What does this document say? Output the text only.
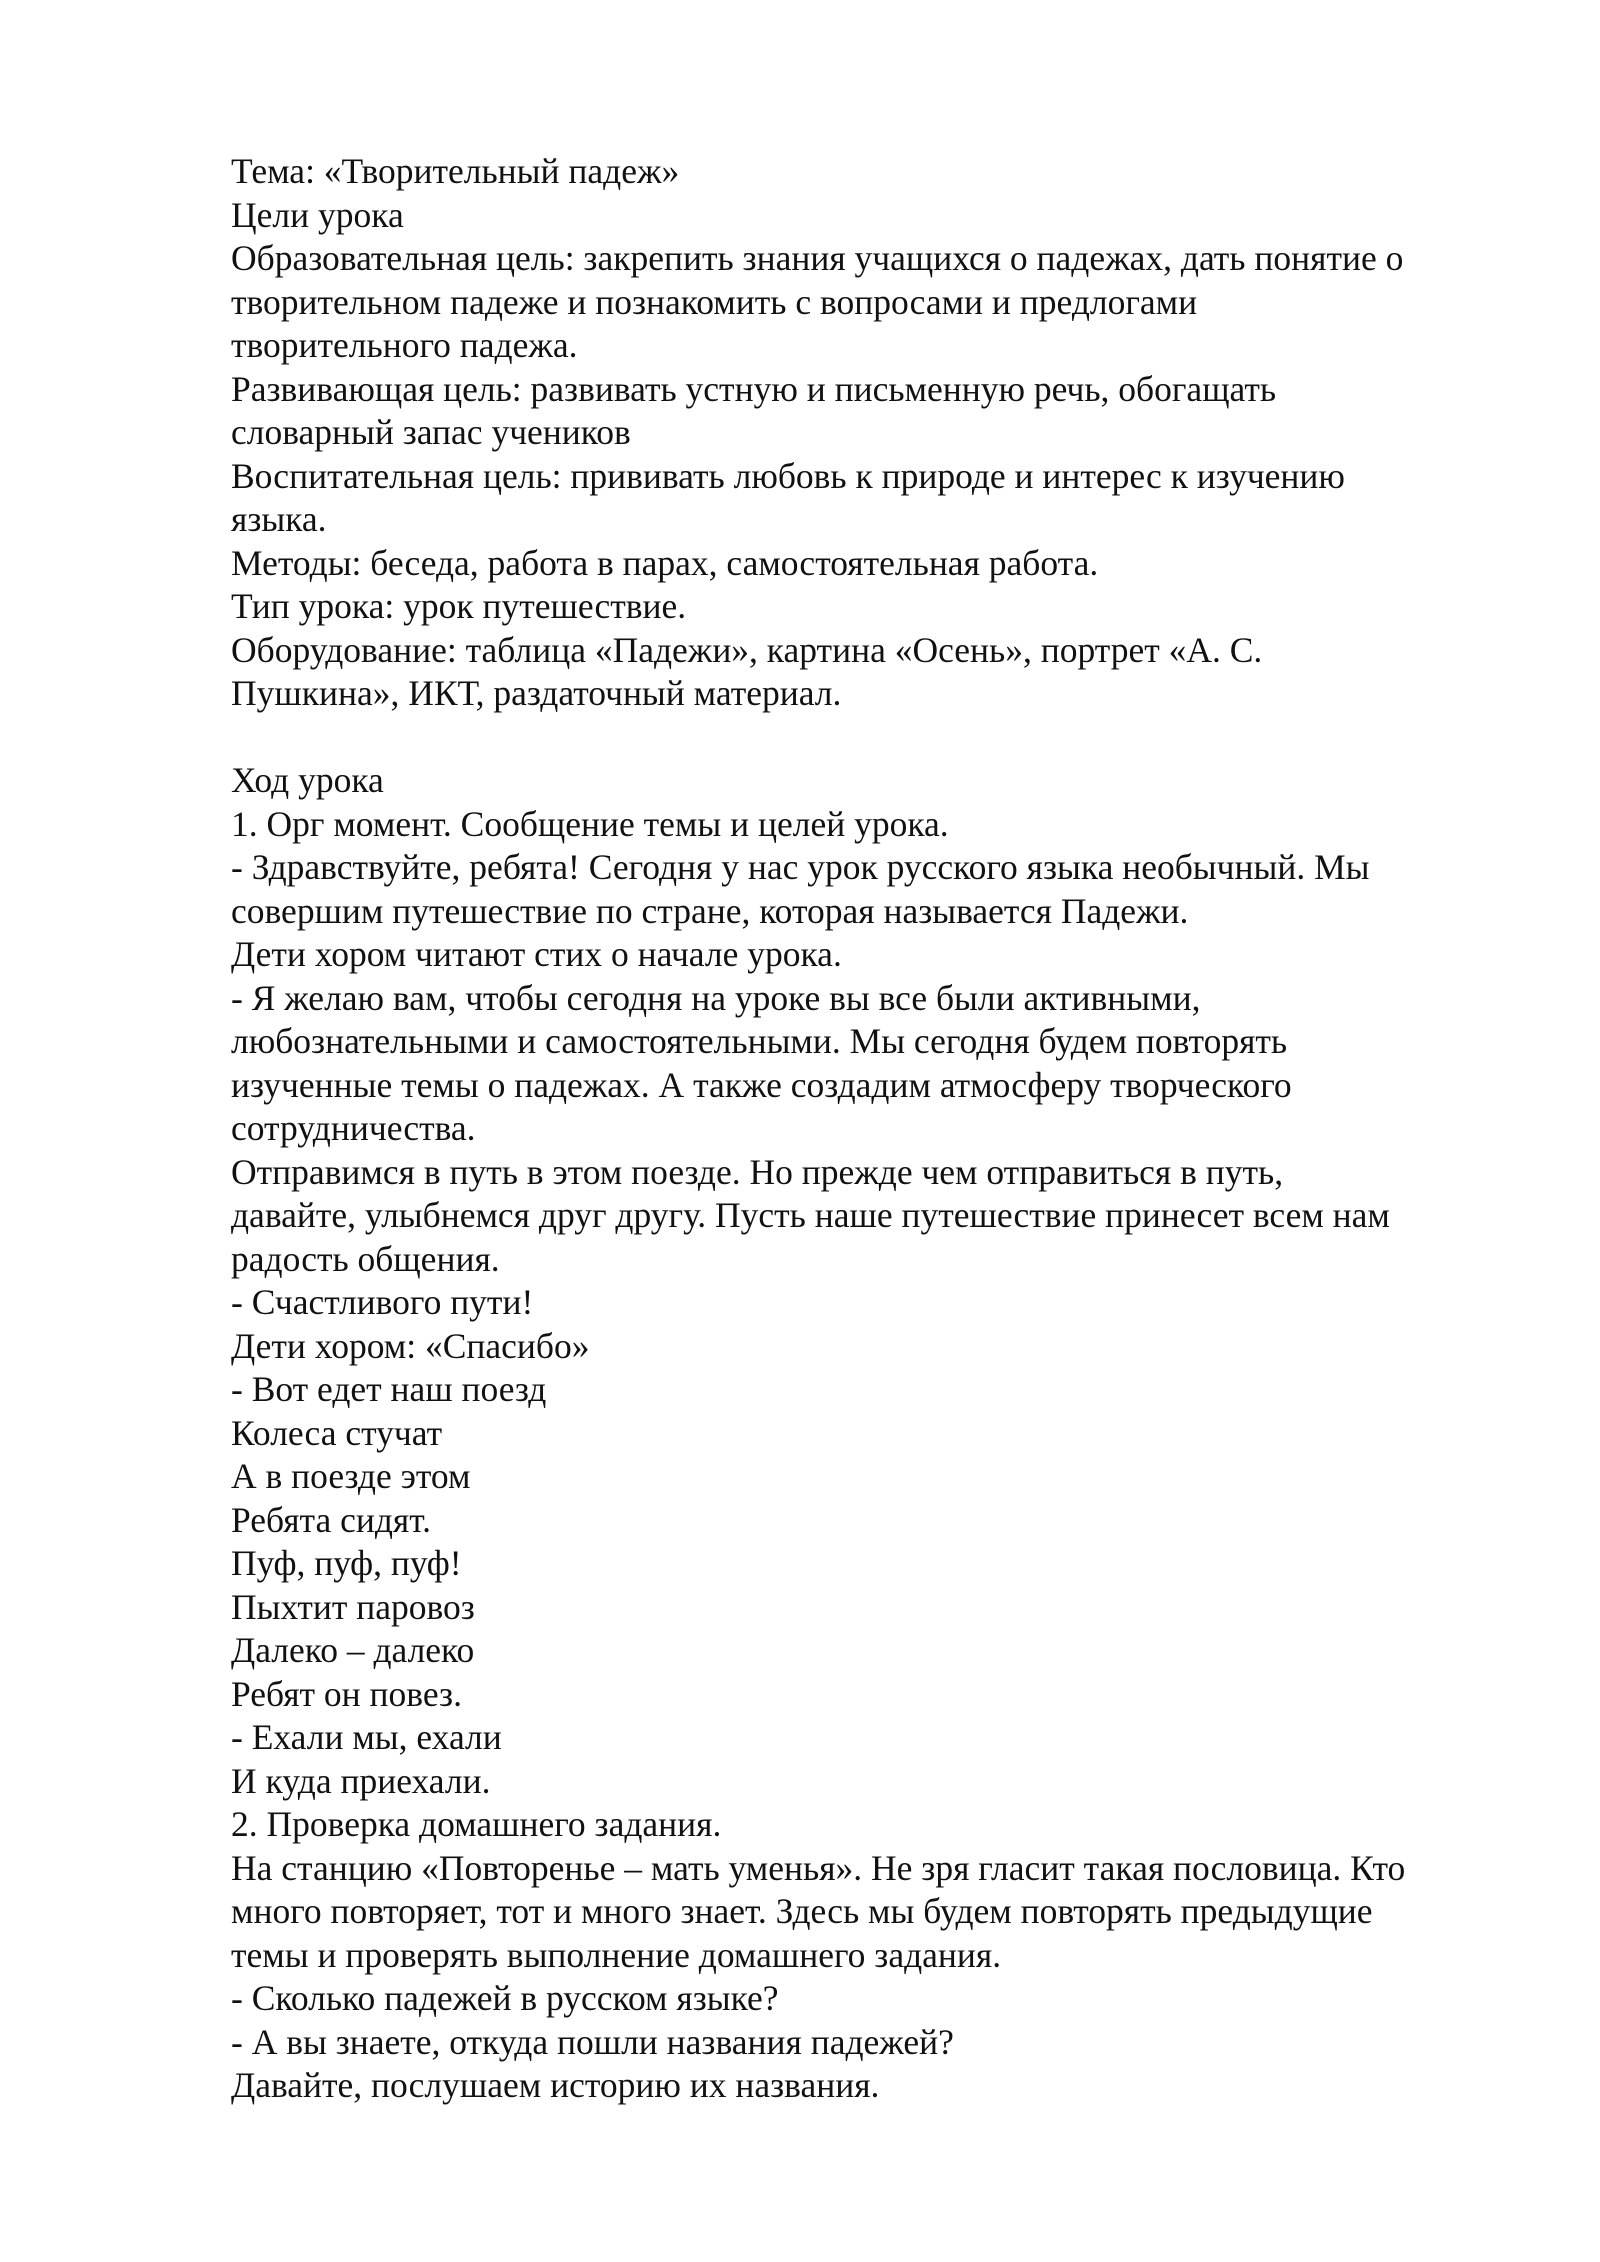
Тема: «Творительный падеж»
Цели урока
Образовательная цель: закрепить знания учащихся о падежах, дать понятие о
творительном падеже и познакомить с вопросами и предлогами
творительного падежа.
Развивающая цель: развивать устную и письменную речь, обогащать
словарный запас учеников
Воспитательная цель: прививать любовь к природе и интерес к изучению
языка.
Методы: беседа, работа в парах, самостоятельная работа.
Тип урока: урок путешествие.
Оборудование: таблица «Падежи», картина «Осень», портрет «А. С.
Пушкина», ИКТ, раздаточный материал.
Ход урока
1. Орг момент. Сообщение темы и целей урока.
- Здравствуйте, ребята! Сегодня у нас урок русского языка необычный. Мы
совершим путешествие по стране, которая называется Падежи.
Дети хором читают стих о начале урока.
- Я желаю вам, чтобы сегодня на уроке вы все были активными,
любознательными и самостоятельными. Мы сегодня будем повторять
изученные темы о падежах. А также создадим атмосферу творческого
сотрудничества.
Отправимся в путь в этом поезде. Но прежде чем отправиться в путь,
давайте, улыбнемся друг другу. Пусть наше путешествие принесет всем нам
радость общения.
- Счастливого пути!
Дети хором: «Спасибо»
- Вот едет наш поезд
Колеса стучат
А в поезде этом
Ребята сидят.
Пуф, пуф, пуф!
Пыхтит паровоз
Далеко – далеко
Ребят он повез.
- Ехали мы, ехали
И куда приехали.
2. Проверка домашнего задания.
На станцию «Повторенье – мать уменья». Не зря гласит такая пословица. Кто
много повторяет, тот и много знает. Здесь мы будем повторять предыдущие
темы и проверять выполнение домашнего задания.
- Сколько падежей в русском языке?
- А вы знаете, откуда пошли названия падежей?
Давайте, послушаем историю их названия.
